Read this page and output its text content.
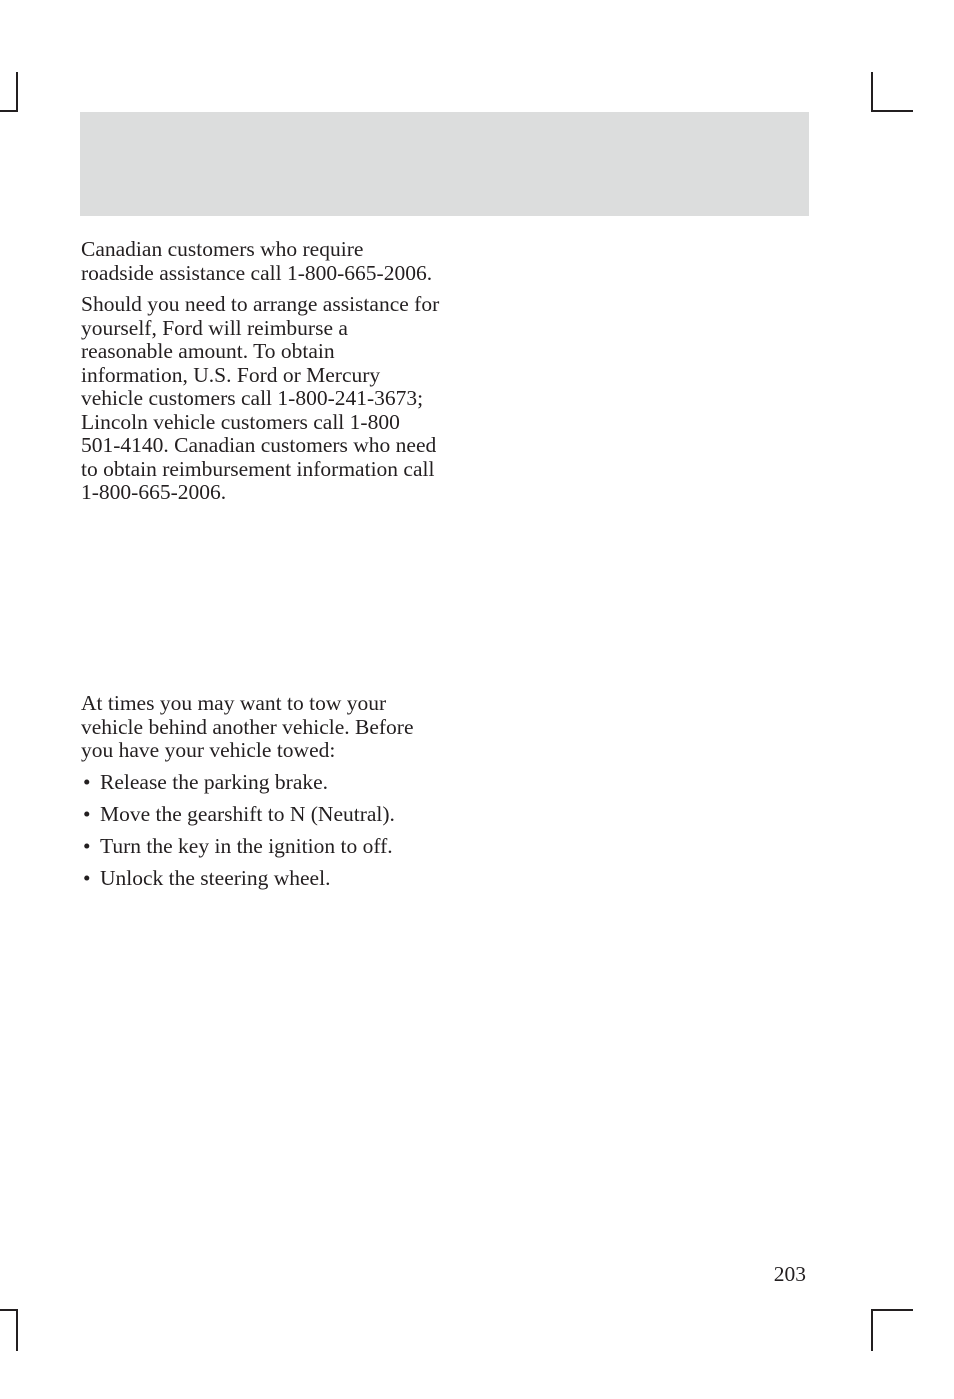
Canadian customers who require roadside assistance call 1-800-665-2006.

Should you need to arrange assistance for yourself, Ford will reimburse a reasonable amount. To obtain information, U.S. Ford or Mercury vehicle customers call 1-800-241-3673; Lincoln vehicle customers call 1-800 501-4140. Canadian customers who need to obtain reimbursement information call 1-800-665-2006.

At times you may want to tow your vehicle behind another vehicle. Before you have your vehicle towed:

• Release the parking brake.
• Move the gearshift to N (Neutral).
• Turn the key in the ignition to off.
• Unlock the steering wheel.
203
